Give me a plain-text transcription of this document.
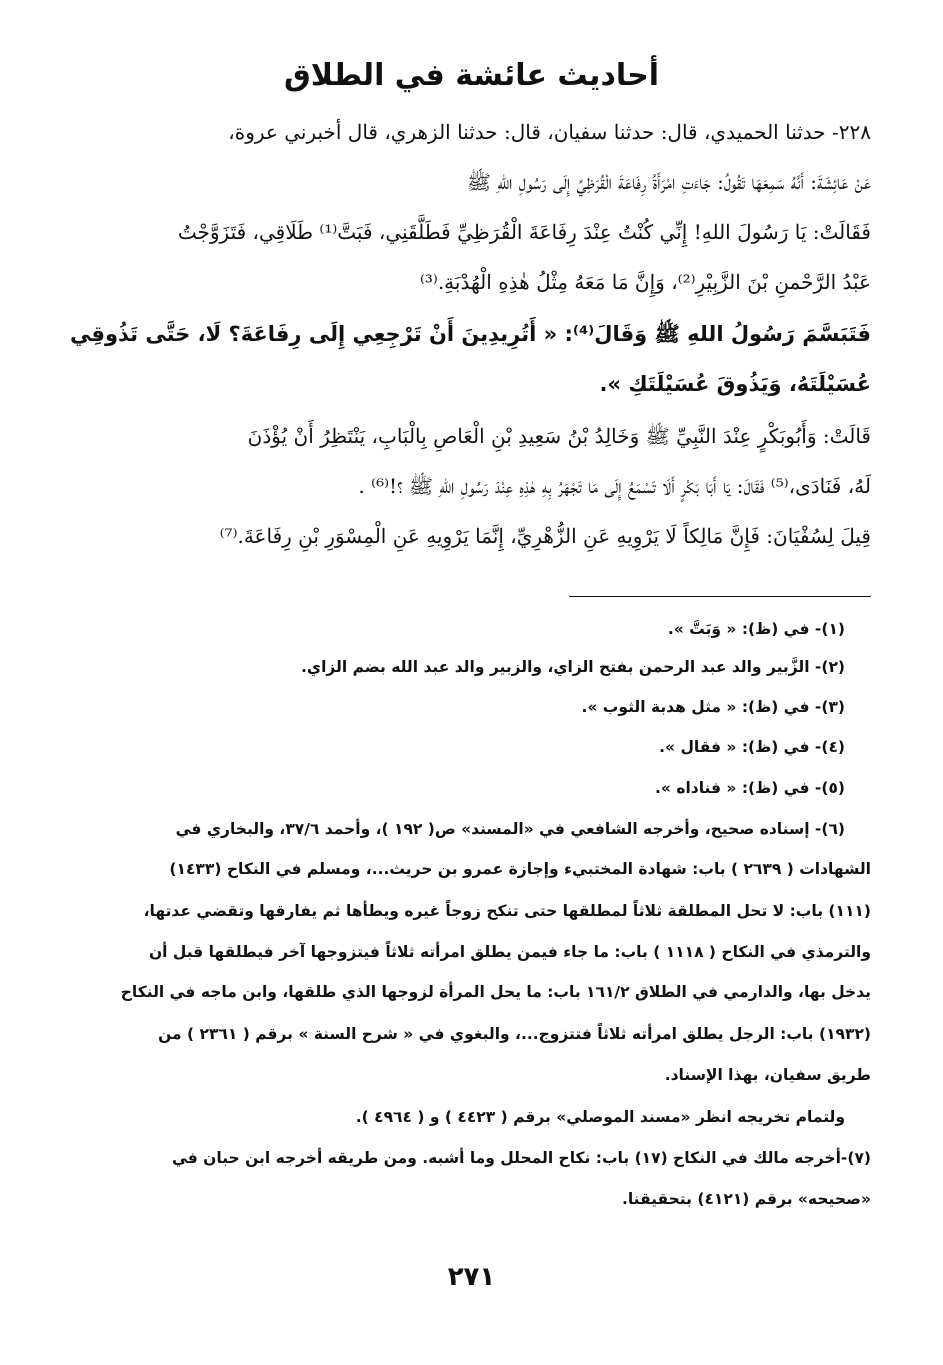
أحاديث عائشة في الطلاق
٢٢٨- حدثنا الحميدي، قال: حدثنا سفيان، قال: حدثنا الزهري، قال أخبرني عروة،
عَنْ عَائِشَةَ: أَنَّهُ سَمِعَهَا تَقُولُ: جَاءَتِ امْرَأَةُ رِفَاعَةَ الْقُرَظِيِّ إِلَى رَسُولِ اللهِ ﷺ
فَقَالَتْ: يَا رَسُولَ اللهِ! إِنِّي كُنْتُ عِنْدَ رِفَاعَةَ الْقُرَظِيِّ فَطَلَّقَنِي، فَبَتَّ⁽¹⁾ طَلَاقِي، فَتَزَوَّجْتُ
عَبْدُ الرَّحْمنِ بْنَ الزَّبِيْرِ⁽²⁾، وَإِنَّ مَا مَعَهُ مِثْلُ هٰذِهِ الْهُدْبَةِ.⁽³⁾
فَتَبَسَّمَ رَسُولُ اللهِ ﷺ وَقَالَ⁽⁴⁾: « أَتُرِيدِينَ أَنْ تَرْجِعِي إِلَى رِفَاعَةَ؟ لَا، حَتَّى تَذُوقِي
عُسَيْلَتَهُ، وَيَذُوقَ عُسَيْلَتَكِ ».
قَالَتْ: وَأَبُوبَكْرٍ عِنْدَ النَّبِيِّ ﷺ وَخَالِدُ بْنُ سَعِيدِ بْنِ الْعَاصِ بِالْبَابِ، يَنْتَظِرُ أَنْ يُؤْذَنَ
لَهُ، فَنَادَى،⁽⁵⁾ فَقَالَ: يَا أَبَا بَكْرٍ أَلَا تَسْمَعُ إِلَى مَا تَجْهَرُ بِهِ هٰذِهِ عِنْدَ رَسُولِ اللهِ ﷺ ؟!⁽⁶⁾ .
قِيلَ لِسُفْيَانَ: فَإِنَّ مَالِكاً لَا يَرْوِيهِ عَنِ الزُّهْرِيِّ، إِنَّمَا يَرْوِيهِ عَنِ الْمِسْوَرِ بْنِ رِفَاعَةَ.⁽⁷⁾
(١)- في (ظ): « وَبَتَّ ».
(٢)- الزَّبير والد عبد الرحمن بفتح الزاي، والزبير والد عبد الله بضم الزاي.
(٣)- في (ظ): « مثل هدبة الثوب ».
(٤)- في (ظ): « فقال ».
(٥)- في (ظ): « فناداه ».
(٦)- إسناده صحيح، وأخرجه الشافعي في «المسند» ص( ١٩٢ )، وأحمد ٣٧/٦، والبخاري في
الشهادات ( ٢٦٣٩ ) باب: شهادة المختبيء وإجازة عمرو بن حريث...، ومسلم في النكاح (١٤٣٣)
(١١١) باب: لا تحل المطلقة ثلاثاً لمطلقها حتى تنكح زوجاً غيره ويطأها ثم يفارقها وتقضي عدتها،
والترمذي في النكاح ( ١١١٨ ) باب: ما جاء فيمن يطلق امرأته ثلاثاً فيتزوجها آخر فيطلقها قبل أن
يدخل بها، والدارمي في الطلاق ١٦١/٢ باب: ما يحل المرأة لزوجها الذي طلقها، وابن ماجه في النكاح
(١٩٣٢) باب: الرجل يطلق امرأته ثلاثاً فتتزوج...، والبغوي في « شرح السنة » برقم ( ٢٣٦١ ) من
طريق سفيان، بهذا الإسناد.
ولتمام تخريجه انظر «مسند الموصلي» برقم ( ٤٤٢٣ ) و ( ٤٩٦٤ ).
(٧)-أخرجه مالك في النكاح (١٧) باب: نكاح المحلل وما أشبه. ومن طريقه أخرجه ابن حبان في
«صحيحه» برقم (٤١٢١) بتحقيقنا.
٢٧١
